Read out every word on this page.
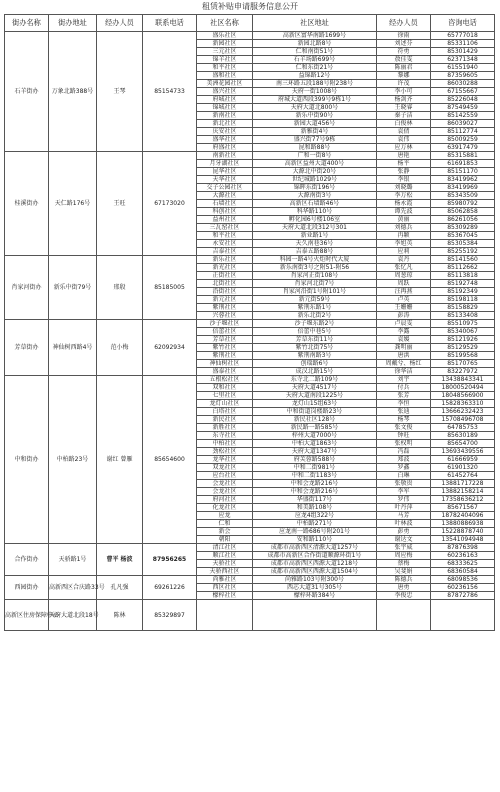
租赁补贴申请服务信息公开
街办名称	街办地址	经办人员	联系电话	社区名称	社区地址	经办人员	咨询电话
石羊街办	万象北路388号	王琴	85154733	盛乐社区	高新区富华南路1699号	徐雨	65777018
				新园社区	新园北路8号	刘述芬	85331106
				三元社区	仁和南街51号	符勇	85301429
				锦羊社区	石羊场路699号	敖佳雯	62371348
				和平社区	仁和东街21号	陈丽君	61551940
				盛和社区	益锦路12号	黎娜	87359605
				美洲花园社区	南三环路五段188号附238号	许茂	86030288
				盛兴社区	天府一街1008号	李小可	67155667
				府城社区	府城大道西段399号9栋1号	杨剑齐	85226048
				锦城社区	天府大道北800号	王晓睿	87549459
				新南社区	新乐中街90号	秦子洁	85142559
				新北社区	新园大道456号	白俊林	86039027
				庆安社区	新雅街4号	袁倩	85112774
				盛华社区	盛兴街77号9栋	袁伟	85009259
				府盛社区	昆和路88号	应万林	63917479
桂溪街办	天仁路176号	王旺	67173020	南新社区	广和一街8号	唐艳	85315881
				月牙湖社区	高新区益州大道400号	杨平	61691853
				昆华社区	大源北中街20号	张静	85151170
				天华社区	世纪城路1029号	李银	83419962
				交子公园社区	锦晖东街196号	刘晓璐	83419969
				大源社区	大源南街3号	李万松	85343509
				石墙社区	高新区石墙路46号	杨永霞	85980792
				科创社区	科华路110号	谭先波	85062858
				益州社区	孵化园6号楼106室	黄丽	86261056
				三瓦窑社区	天府大道北段312号301	刘德兵	85309289
				和平社区	新业路1号	冉颖	85367045
				永安社区	天久南巷36号	李旭英	85305384
				吉泰社区	吉泰五路88号	应莉	85255192
肖家河街办	新乐中街79号	邢殷	85185005	新乐社区	科园一路4号火炬时代大厦	袁丹	85141560
				新光社区	新乐南街3号之附51-附56	张忆凡	85112662
				正街社区	肖家河正街108号	周葱琼	85113818
				北街社区	肖家河北街7号	周跃	85192748
				沿街社区	肖家河沿街1号附101号	汪再燕	85192349
				新元社区	新元街59号	卢英	85198118
				紫荆社区	紫荆东路1号	王姗姗	85158829
				兴蓉社区	新乐北街2号	彭涛	85133408
芳草街办	神仙树西路4号	范小梅	62092934	沙子堰社区	沙子堰东路2号	卢晨雯	85510975
				倍蕾社区	倍蕾中巷5号	李露	85340067
				芳草社区	芳草东街11号	袁媛	85121926
				紫竹社区	紫竹北街75号	龚明丽	85129529
				紫荆社区	紫荆南路3号	唐洪	85199568
				神仙树社区	创瑞路6号	周戴兮、杨红	85170765
				盛泰社区	成汉北路15号	徐华洁	83227972
中和街办	中柏路23号	谢红 曾雁	85654600	五根松社区	东寺北二路109号	刘宇	13438843341
				双和社区	天府大道4517号	付兵	18000520494
				七里社区	天府大道南段1225号	张芳	18048566900
				龙灯山社区	龙灯山15组63号	李恒	15828363310
				白塔社区	中和街道岗楼路23号	张迪	13666232423
				新民社区	新民社区128号	杨琴	15708496708
				新胜社区	新民路一路585号	张文俊	64785753
				东寺社区	梓州大道7000号	钟旺	85630189
				中柏社区	中柏大道1863号	张权明	85654700
				劲松社区	天府大道1347号	冯磊	13693439556
				龙华社区	府芙蓉路588号	郑波	61666959
				双龙社区	中和二街981号	罗鑫	61901320
				应台社区	中和二街1183号	白琳	61452764
				会龙社区	中和会龙路216号	张敬贵	13881717228
				会龙社区	中和会龙路216号	李军	13882158214
				府河社区	华盛街117号	罗伟	17358636212
				化龙社区	和美路108号	叶丹萍	85671567
				应龙	应龙4组322号	马芳	18782404096
				仁和	中柏路271号	叶林波	13880886938
				新会	应龙南一路686号附201号	彭勇	15228878740
				朝阳	安和路110号	谢达文	13541094948
合作街办	天骄路1号	曹平 杨波	87956265	清江社区	成都市高新西区清源大道1257号	张宇威	87876398
				顺江社区	成都市高新区合作街道顺源环街1号	周应梅	60236163
				天骄社区	成都市高新西区西源大道1218号	蔡梅	68333625
				天骄西社区	成都市高新西区西源大道1504号	吴斐娟	68360584
西园街办	高新西区合庆路33号	孔凡强	69261226	尚雅社区	尚雅路103号附300号	陈德兵	68098536
				西区社区	西芯大道31号305号	唐勇	60236156
				檬梓社区	檬梓环路384号	李俊忠	87872786
高新区住房保障中心	天府大道北段18号	陈林	85329897				
